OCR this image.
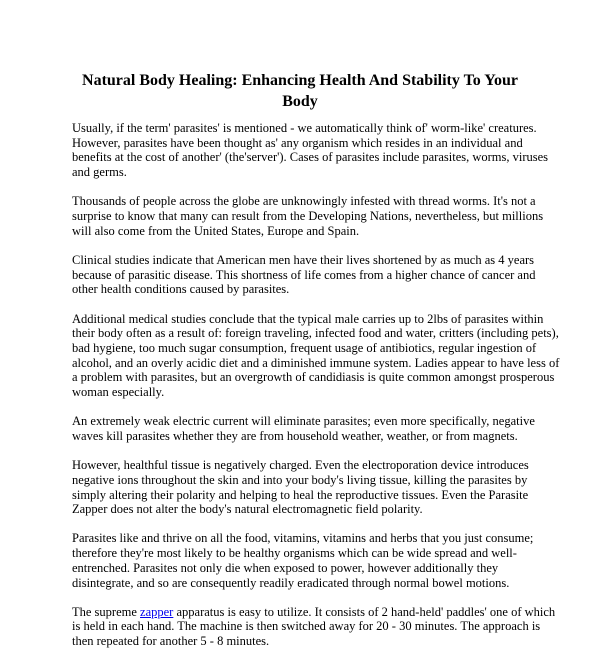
Natural Body Healing: Enhancing Health And Stability To Your
Body

Usually, if the term' parasites' is mentioned - we automatically think of' worm-like' creatures.
However, parasites have been thought as' any organism which resides in an individual and
benefits at the cost of another' (the'server'). Cases of parasites include parasites, worms, viruses
and germs.

Thousands of people across the globe are unknowingly infested with thread worms. It's not a
surprise to know that many can result from the Developing Nations, nevertheless, but millions
will also come from the United States, Europe and Spain.

Clinical studies indicate that American men have their lives shortened by as much as 4 years
because of parasitic disease. This shortness of life comes from a higher chance of cancer and
other health conditions caused by parasites.

Additional medical studies conclude that the typical male carries up to 2lbs of parasites within
their body often as a result of: foreign traveling, infected food and water, critters (including pets),
bad hygiene, too much sugar consumption, frequent usage of antibiotics, regular ingestion of
alcohol, and an overly acidic diet and a diminished immune system. Ladies appear to have less of
a problem with parasites, but an overgrowth of candidiasis is quite common amongst prosperous
woman especially.

An extremely weak electric current will eliminate parasites; even more specifically, negative
waves kill parasites whether they are from household weather, weather, or from magnets.

However, healthful tissue is negatively charged. Even the electroporation device introduces
negative ions throughout the skin and into your body's living tissue, killing the parasites by
simply altering their polarity and helping to heal the reproductive tissues. Even the Parasite
Zapper does not alter the body's natural electromagnetic field polarity.

Parasites like and thrive on all the food, vitamins, vitamins and herbs that you just consume;
therefore they're most likely to be healthy organisms which can be wide spread and well-
entrenched. Parasites not only die when exposed to power, however additionally they
disintegrate, and so are consequently readily eradicated through normal bowel motions.

The supreme zapper apparatus is easy to utilize. It consists of 2 hand-held' paddles' one of which
is held in each hand. The machine is then switched away for 20 - 30 minutes. The approach is
then repeated for another 5 - 8 minutes.
